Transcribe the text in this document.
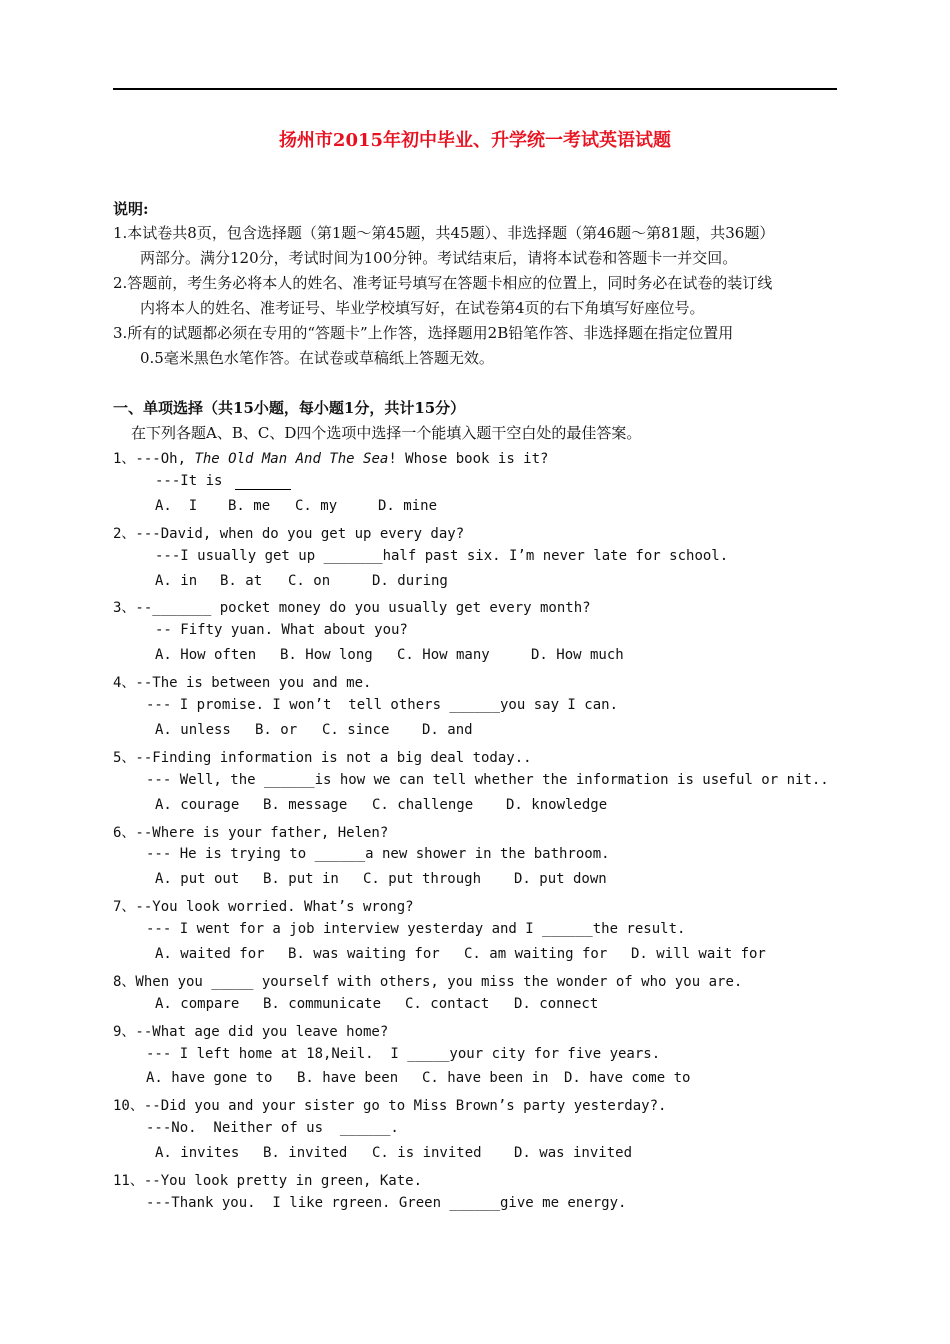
扬州市2015年初中毕业、升学统一考试英语试题
说明:
1.本试卷共8页，包含选择题（第1题～第45题，共45题）、非选择题（第46题～第81题，共36题）
两部分。满分120分，考试时间为100分钟。考试结束后，请将本试卷和答题卡一并交回。
2.答题前，考生务必将本人的姓名、准考证号填写在答题卡相应的位置上，同时务必在试卷的装订线
内将本人的姓名、准考证号、毕业学校填写好，在试卷第4页的右下角填写好座位号。
3.所有的试题都必须在专用的“答题卡”上作答，选择题用2B铅笔作答、非选择题在指定位置用
0.5毫米黑色水笔作答。在试卷或草稿纸上答题无效。
一、单项选择（共15小题，每小题1分，共计15分）
在下列各题A、B、C、D四个选项中选择一个能填入题干空白处的最佳答案。
1、---Oh, The Old Man And The Sea! Whose book is it?
---It is
A.  I B. me C. my	D. mine
2、---David, when do you get up every day?
---I usually get up _______half past six. I’m never late for school.
A. in B. at C. on	D. during
3、--_______ pocket money do you usually get every month?
-- Fifty yuan. What about you?
A. How often B. How long C. How many	D. How much
4、--The is between you and me.
--- I promise. I won’t  tell others ______you say I can.
A. unless B. or C. since D. and
5、--Finding information is not a big deal today..
--- Well, the ______is how we can tell whether the information is useful or nit..
A. courage B. message C. challenge D. knowledge
6、--Where is your father, Helen?
--- He is trying to ______a new shower in the bathroom.
A. put out B. put in C. put through D. put down
7、--You look worried. What’s wrong?
--- I went for a job interview yesterday and I ______the result.
A. waited for B. was waiting for C. am waiting for D. will wait for
8、When you _____ yourself with others, you miss the wonder of who you are.
A. compare B. communicate C. contact D. connect
9、--What age did you leave home?
--- I left home at 18,Neil.  I _____your city for five years.
A. have gone to B. have been C. have been in D. have come to
10、--Did you and your sister go to Miss Brown’s party yesterday?.
---No.  Neither of us  ______.
A. invites B. invited C. is invited D. was invited
11、--You look pretty in green, Kate.
---Thank you.  I like rgreen. Green ______give me energy.
